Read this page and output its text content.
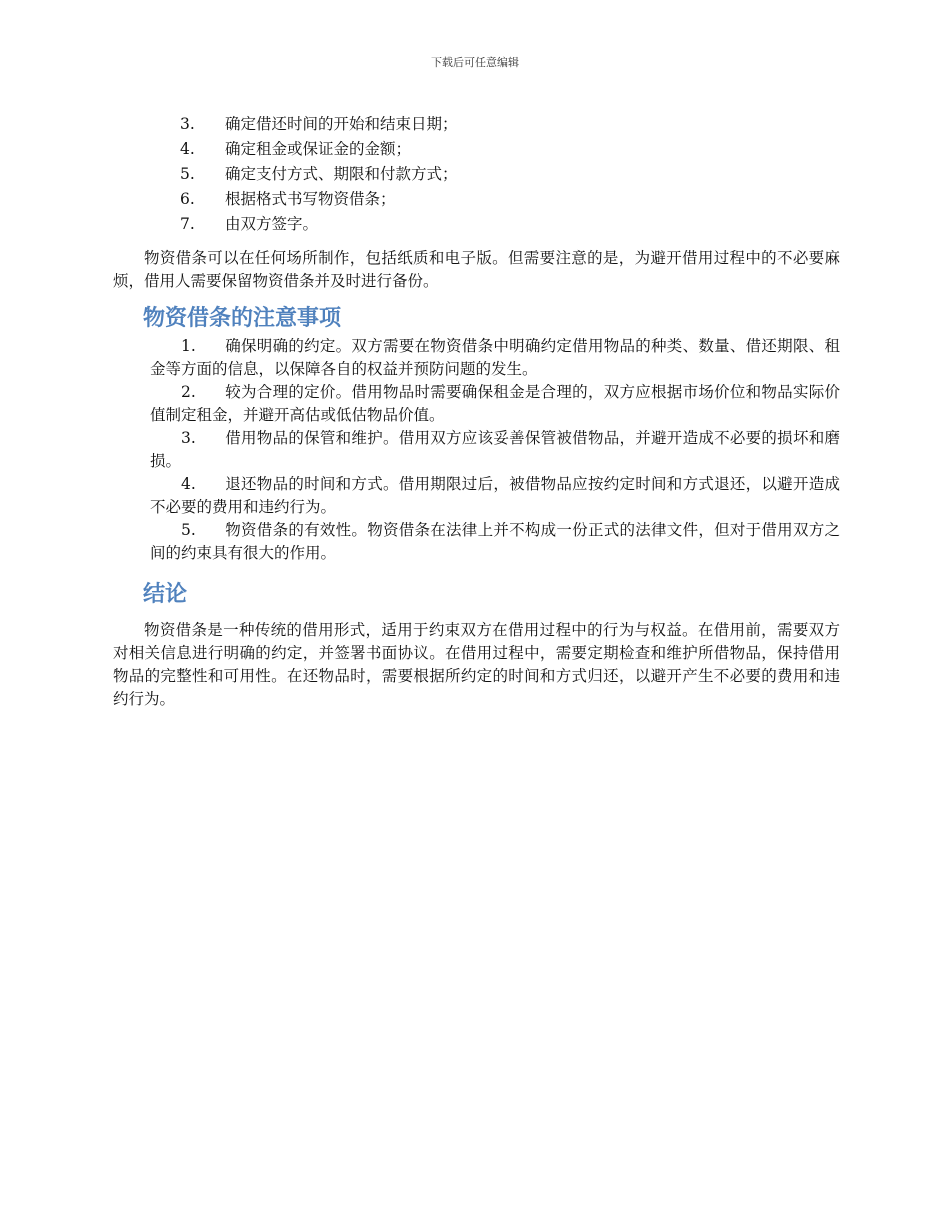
下载后可任意编辑
3.	确定借还时间的开始和结束日期；
4.	确定租金或保证金的金额；
5.	确定支付方式、期限和付款方式；
6.	根据格式书写物资借条；
7.	由双方签字。

物资借条可以在任何场所制作，包括纸质和电子版。但需要注意的是，为避开借用过程中的不必要麻烦，借用人需要保留物资借条并及时进行备份。

物资借条的注意事项
1. 确保明确的约定。双方需要在物资借条中明确约定借用物品的种类、数量、借还期限、租金等方面的信息，以保障各自的权益并预防问题的发生。
2. 较为合理的定价。借用物品时需要确保租金是合理的，双方应根据市场价位和物品实际价值制定租金，并避开高估或低估物品价值。
3. 借用物品的保管和维护。借用双方应该妥善保管被借物品，并避开造成不必要的损坏和磨损。
4. 退还物品的时间和方式。借用期限过后，被借物品应按约定时间和方式退还，以避开造成不必要的费用和违约行为。
5. 物资借条的有效性。物资借条在法律上并不构成一份正式的法律文件，但对于借用双方之间的约束具有很大的作用。
结论

物资借条是一种传统的借用形式，适用于约束双方在借用过程中的行为与权益。在借用前，需要双方对相关信息进行明确的约定，并签署书面协议。在借用过程中，需要定期检查和维护所借物品，保持借用物品的完整性和可用性。在还物品时，需要根据所约定的时间和方式归还，以避开产生不必要的费用和违约行为。
